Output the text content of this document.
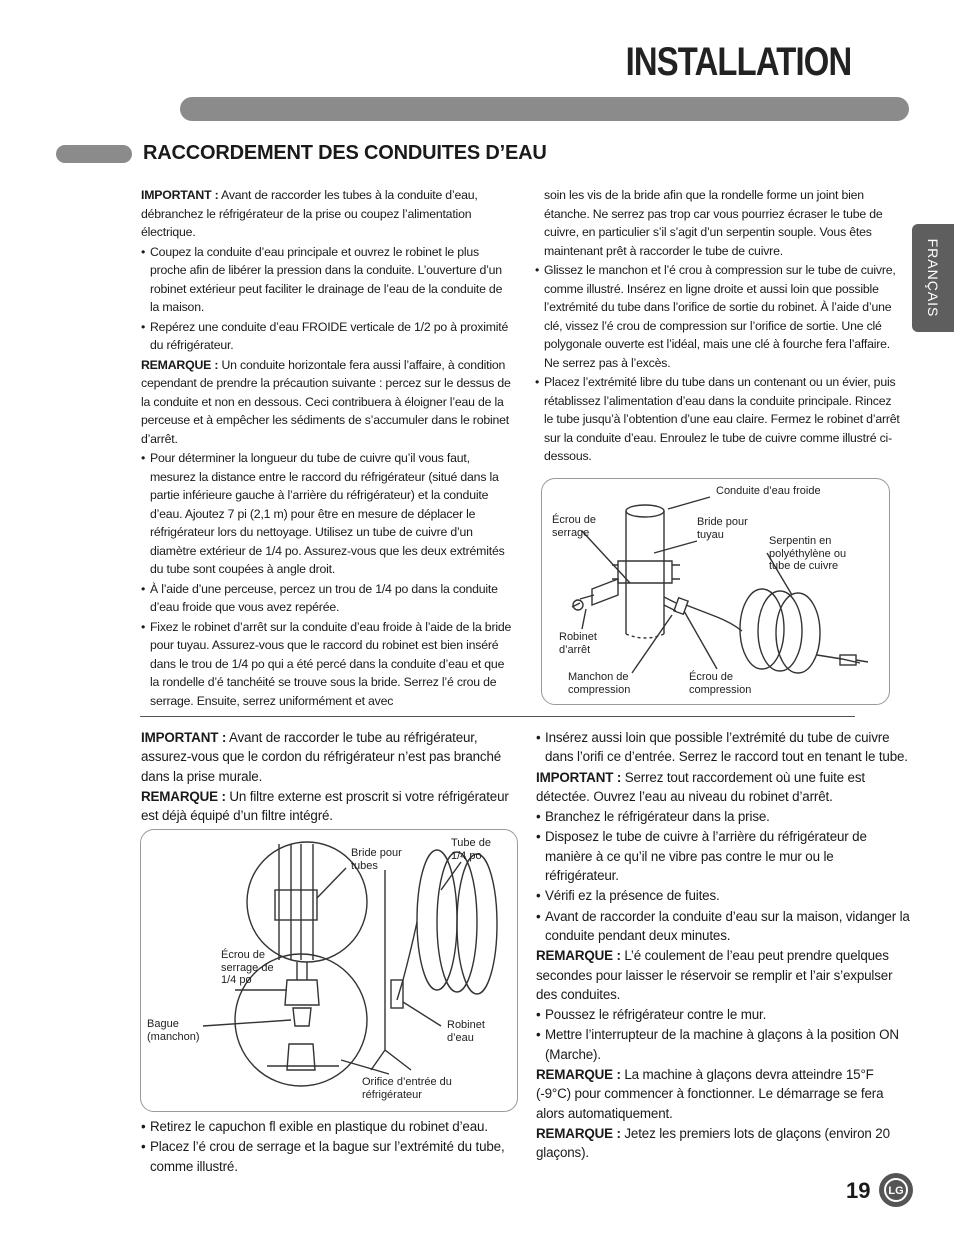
INSTALLATION
RACCORDEMENT DES CONDUITES D’EAU
FRANÇAIS

IMPORTANT : Avant de raccorder les tubes à la conduite d’eau, débranchez le réfrigérateur de la prise ou coupez l’alimentation électrique.

• Coupez la conduite d’eau principale et ouvrez le robinet le plus proche afin de libérer la pression dans la conduite. L’ouverture d’un robinet extérieur peut faciliter le drainage de l’eau de la conduite de la maison.

• Repérez une conduite d’eau FROIDE verticale de 1/2 po à proximité du réfrigérateur.

REMARQUE : Un conduite horizontale fera aussi l’affaire, à condition cependant de prendre la précaution suivante : percez sur le dessus de la conduite et non en dessous. Ceci contribuera à éloigner l’eau de la perceuse et à empêcher les sédiments de s’accumuler dans le robinet d’arrêt.

• Pour déterminer la longueur du tube de cuivre qu’il vous faut, mesurez la distance entre le raccord du réfrigérateur (situé dans la partie inférieure gauche à l’arrière du réfrigérateur) et la conduite d’eau. Ajoutez 7 pi (2,1 m) pour être en mesure de déplacer le réfrigérateur lors du nettoyage. Utilisez un tube de cuivre d’un diamètre extérieur de 1/4 po. Assurez-vous que les deux extrémités du tube sont coupées à angle droit.

• À l’aide d’une perceuse, percez un trou de 1/4 po dans la conduite d’eau froide que vous avez repérée.

• Fixez le robinet d’arrêt sur la conduite d’eau froide à l’aide de la bride pour tuyau. Assurez-vous que le raccord du robinet est bien inséré dans le trou de 1/4 po qui a été percé dans la conduite d’eau et que la rondelle d’é tanchéité se trouve sous la bride. Serrez l’é crou de serrage. Ensuite, serrez uniformément et avec

soin les vis de la bride afin que la rondelle forme un joint bien étanche. Ne serrez pas trop car vous pourriez écraser le tube de cuivre, en particulier s’il s’agit d’un serpentin souple. Vous êtes maintenant prêt à raccorder le tube de cuivre.

• Glissez le manchon et l’é crou à compression sur le tube de cuivre, comme illustré. Insérez en ligne droite et aussi loin que possible l’extrémité du tube dans l’orifice de sortie du robinet. À l’aide d’une clé, vissez l’é crou de compression sur l’orifice de sortie. Une clé polygonale ouverte est l’idéal, mais une clé à fourche fera l’affaire. Ne serrez pas à l’excès.

• Placez l’extrémité libre du tube dans un contenant ou un évier, puis rétablissez l’alimentation d’eau dans la conduite principale. Rincez le tube jusqu’à l’obtention d’une eau claire. Fermez le robinet d’arrêt sur la conduite d’eau. Enroulez le tube de cuivre comme illustré ci-dessous.

Conduite d’eau froide
Écrou de serrage
Bride pour tuyau
Serpentin en polyéthylène ou tube de cuivre
Robinet d’arrêt
Manchon de compression
Écrou de compression

IMPORTANT : Avant de raccorder le tube au réfrigérateur, assurez-vous que le cordon du réfrigérateur n’est pas branché dans la prise murale.

REMARQUE : Un filtre externe est proscrit si votre réfrigérateur est déjà équipé d’un filtre intégré.

Bride pour tubes
Tube de
1/4 po
Écrou de serrage de
1/4 po
Bague (manchon)
Robinet d’eau
Orifice d’entrée du réfrigérateur

• Retirez le capuchon fl exible en plastique du robinet d’eau.

• Placez l’é crou de serrage et la bague sur l’extrémité du tube, comme illustré.

• Insérez aussi loin que possible l’extrémité du tube de cuivre dans l’orifi ce d’entrée. Serrez le raccord tout en tenant le tube.

IMPORTANT : Serrez tout raccordement où une fuite est détectée. Ouvrez l’eau au niveau du robinet d’arrêt.

• Branchez le réfrigérateur dans la prise.

• Disposez le tube de cuivre à l’arrière du réfrigérateur de manière à ce qu’il ne vibre pas contre le mur ou le réfrigérateur.

• Vérifi ez la présence de fuites.

• Avant de raccorder la conduite d’eau sur la maison, vidanger la conduite pendant deux minutes.

REMARQUE : L’é coulement de l’eau peut prendre quelques secondes pour laisser le réservoir se remplir et l’air s’expulser des conduites.

• Poussez le réfrigérateur contre le mur.

• Mettre l’interrupteur de la machine à glaçons à la position ON (Marche).

REMARQUE : La machine à glaçons devra atteindre 15°F (-9°C) pour commencer à fonctionner. Le démarrage se fera alors automatiquement.

REMARQUE : Jetez les premiers lots de glaçons (environ 20 glaçons).

19 LG
